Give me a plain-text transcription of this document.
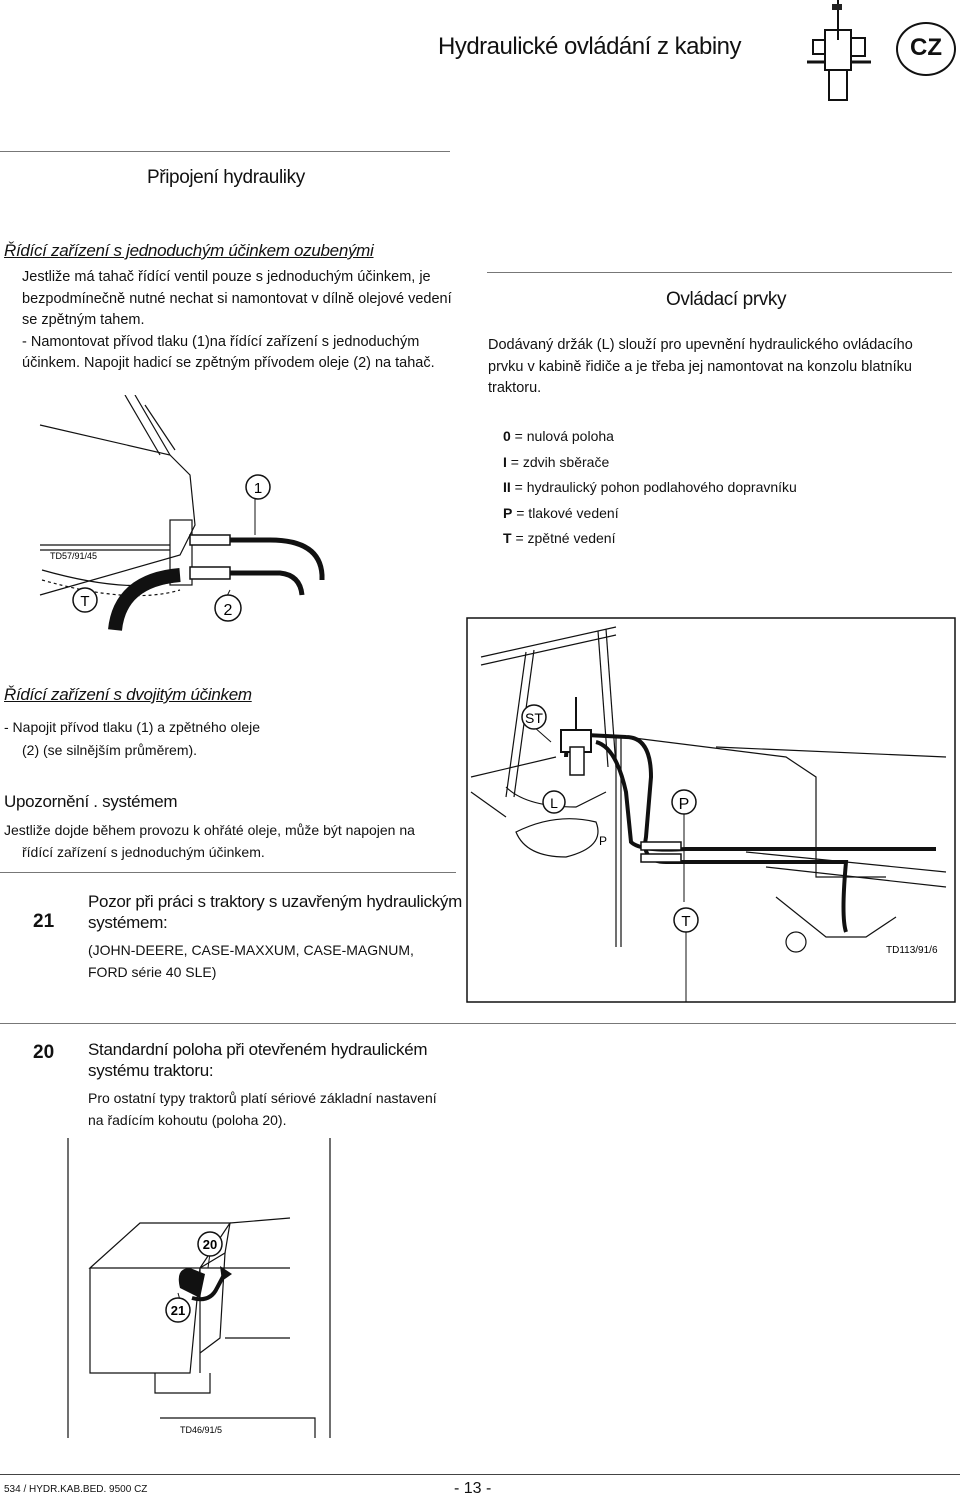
Hydraulické ovládání z kabiny	CZ
Připojení hydrauliky
Řídící zařízení s jednoduchým účinkem ozubenými
Jestliže má tahač řídící ventil pouze s jednoduchým účinkem, je
bezpodmínečně nutné nechat si namontovat v dílně olejové vedení
se zpětným tahem.
- Namontovat přívod tlaku (1)na řídící zařízení s jednoduchým
účinkem. Napojit hadicí se zpětným přívodem oleje (2) na tahač.
1
2
T
TD57/91/45
Ovládací prvky
Dodávaný držák (L) slouží pro upevnění hydraulického ovládacího
prvku v kabině řidiče a je třeba jej namontovat na konzolu blatníku
traktoru.
0 = nulová poloha
I = zdvih sběrače
II = hydraulický pohon podlahového dopravníku
P = tlakové vedení
T = zpětné vedení
Řídící zařízení s dvojitým účinkem
- Napojit přívod tlaku (1) a zpětného oleje
(2) (se silnějším průměrem).
Upozornění . systémem
Jestliže dojde během provozu k ohřáté oleje, může být napojen na
řídící zařízení s jednoduchým účinkem.
ST
L	P
P
T
TD113/91/6
21
Pozor při práci s traktory s uzavřeným hydraulickým
systémem:
(JOHN-DEERE, CASE-MAXXUM, CASE-MAGNUM,
FORD série 40 SLE)
20 Standardní poloha při otevřeném hydraulickém
systému traktoru:
Pro ostatní typy traktorů platí sériové základní nastavení
na řadícím kohoutu (poloha 20).
20
21
TD46/91/5
534 / HYDR.KAB.BED. 9500 CZ	- 13 -
